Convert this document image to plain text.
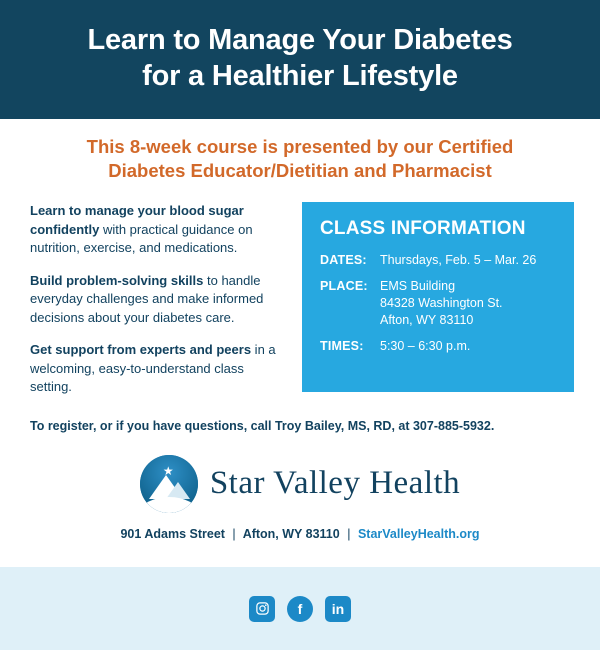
Learn to Manage Your Diabetes
for a Healthier Lifestyle
This 8-week course is presented by our Certified
Diabetes Educator/Dietitian and Pharmacist

Learn to manage your blood sugar confidently with practical guidance on nutrition, exercise, and medications.

Build problem-solving skills to handle everyday challenges and make informed decisions about your diabetes care.

Get support from experts and peers in a welcoming, easy-to-understand class setting.

CLASS INFORMATION
DATES:	Thursdays, Feb. 5 – Mar. 26
PLACE: EMS Building
84328 Washington St.
Afton, WY 83110
TIMES:	5:30 – 6:30 p.m.
To register, or if you have questions, call Troy Bailey, MS, RD, at 307-885-5932.
★ Star Valley Health
901 Adams Street | Afton, WY 83110 | StarValleyHealth.org
f in
